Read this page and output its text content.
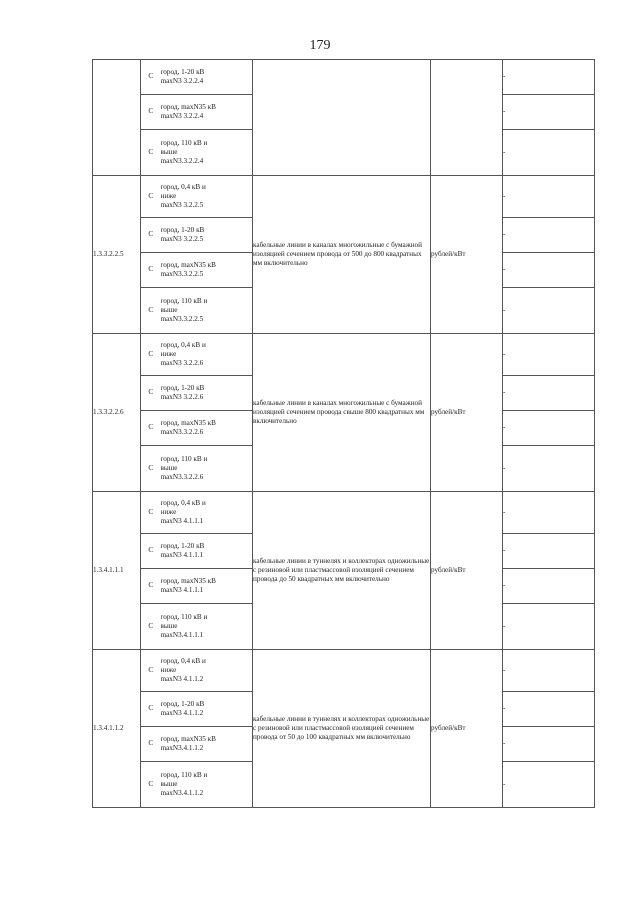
179
	С	город, 1-20 кВ
maxN3 3.2.2.4			-
	С	город, maxN35 кВ
maxN3 3.2.2.4			-
	С	город, 110 кВ и
выше
maxN3.3.2.2.4			-
1.3.3.2.2.5	С	город, 0,4 кВ и
ниже
maxN3 3.2.2.5	кабельные линии в каналах многожильные с бумажной изоляцией сечением провода от 500 до 800 квадратных мм включительно	рублей/кВт	-
	С	город, 1-20 кВ
maxN3 3.2.2.5			-
	С	город, maxN35 кВ
maxN3.3.2.2.5			-
	С	город, 110 кВ и
выше
maxN3.3.2.2.5			-
1.3.3.2.2.6	С	город, 0,4 кВ и
ниже
maxN3 3.2.2.6	кабельные линии в каналах многожильные с бумажной изоляцией сечением провода свыше 800 квадратных мм включительно	рублей/кВт	-
	С	город, 1-20 кВ
maxN3 3.2.2.6			-
	С	город, maxN35 кВ
maxN3.3.2.2.6			-
	С	город, 110 кВ и
выше
maxN3.3.2.2.6			-
1.3.4.1.1.1	С	город, 0,4 кВ и
ниже
maxN3 4.1.1.1	кабельные линии в туннелях и коллекторах одножильные с резиновой или пластмассовой изоляцией сечением провода до 50 квадратных мм включительно	рублей/кВт	-
	С	город, 1-20 кВ
maxN3 4.1.1.1			-
	С	город, maxN35 кВ
maxN3 4.1.1.1			-
	С	город, 110 кВ и
выше
maxN3.4.1.1.1			-
1.3.4.1.1.2	С	город, 0,4 кВ и
ниже
maxN3 4.1.1.2	кабельные линии в туннелях и коллекторах одножильные с резиновой или пластмассовой изоляцией сечением провода от 50 до 100 квадратных мм включительно	рублей/кВт	-
	С	город, 1-20 кВ
maxN3 4.1.1.2			-
	С	город, maxN35 кВ
maxN3.4.1.1.2			-
	С	город, 110 кВ и
выше
maxN3.4.1.1.2			-
